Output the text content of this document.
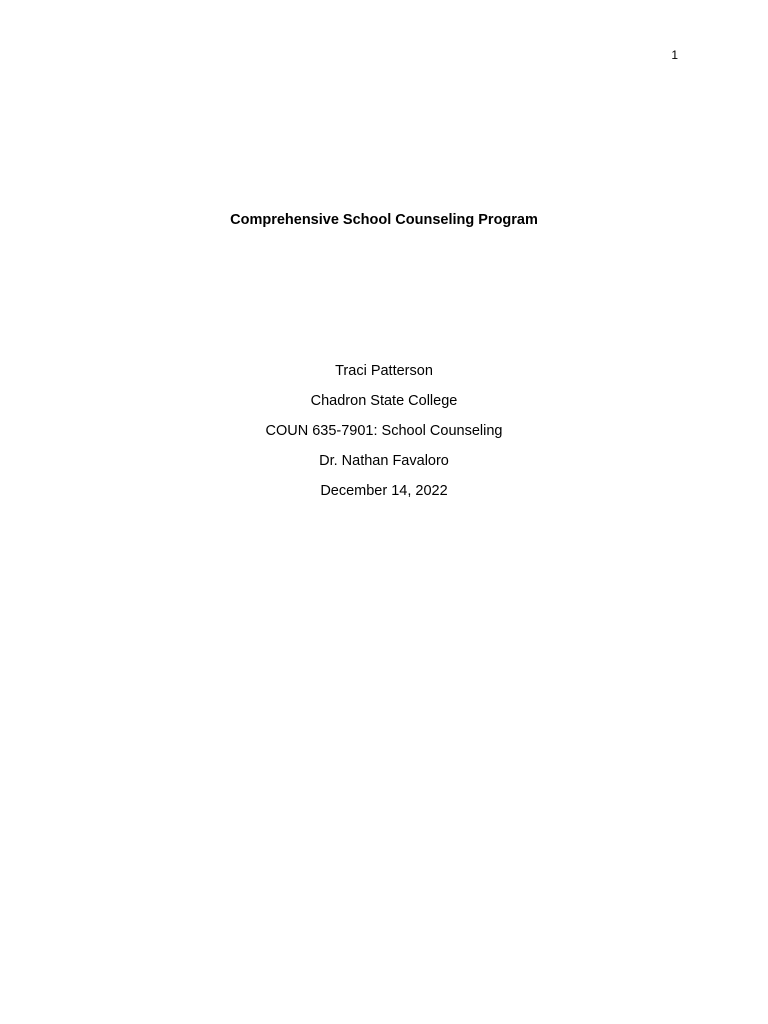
1
Comprehensive School Counseling Program
Traci Patterson
Chadron State College
COUN 635-7901: School Counseling
Dr. Nathan Favaloro
December 14, 2022
